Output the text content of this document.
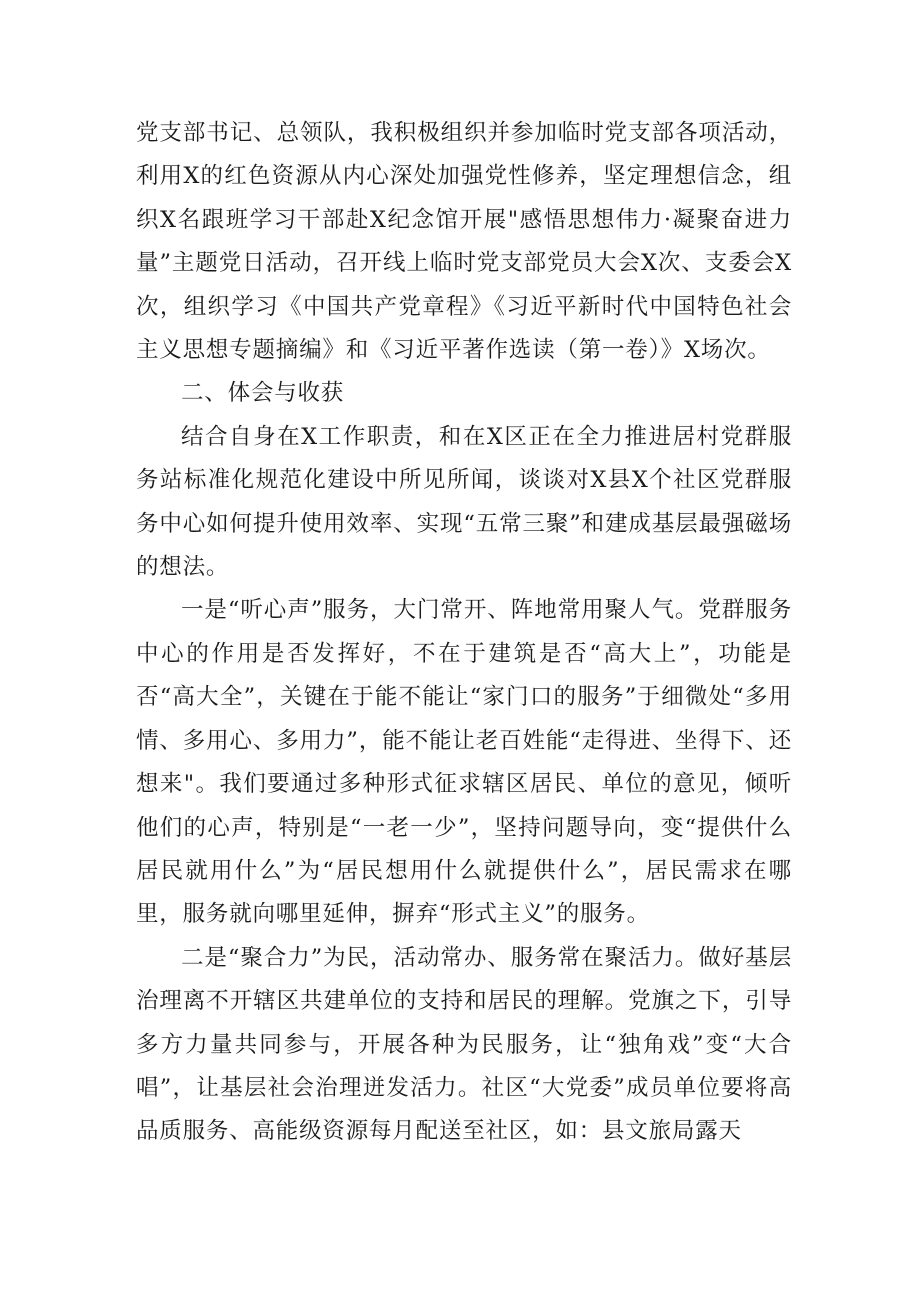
党支部书记、总领队，我积极组织并参加临时党支部各项活动，利用X的红色资源从内心深处加强党性修养，坚定理想信念，组织X名跟班学习干部赴X纪念馆开展"感悟思想伟力·凝聚奋进力量”主题党日活动，召开线上临时党支部党员大会X次、支委会X次，组织学习《中国共产党章程》《习近平新时代中国特色社会主义思想专题摘编》和《习近平著作选读（第一卷）》X场次。

二、体会与收获

结合自身在X工作职责，和在X区正在全力推进居村党群服务站标准化规范化建设中所见所闻，谈谈对X县X个社区党群服务中心如何提升使用效率、实现“五常三聚”和建成基层最强磁场的想法。

一是“听心声”服务，大门常开、阵地常用聚人气。党群服务中心的作用是否发挥好，不在于建筑是否“高大上”，功能是否“高大全”，关键在于能不能让“家门口的服务”于细微处“多用情、多用心、多用力”，能不能让老百姓能“走得进、坐得下、还想来"。我们要通过多种形式征求辖区居民、单位的意见，倾听他们的心声，特别是“一老一少”，坚持问题导向，变“提供什么居民就用什么”为“居民想用什么就提供什么”，居民需求在哪里，服务就向哪里延伸，摒弃“形式主义”的服务。

二是“聚合力”为民，活动常办、服务常在聚活力。做好基层治理离不开辖区共建单位的支持和居民的理解。党旗之下，引导多方力量共同参与，开展各种为民服务，让“独角戏”变“大合唱”，让基层社会治理迸发活力。社区“大党委”成员单位要将高品质服务、高能级资源每月配送至社区，如：县文旅局露天
